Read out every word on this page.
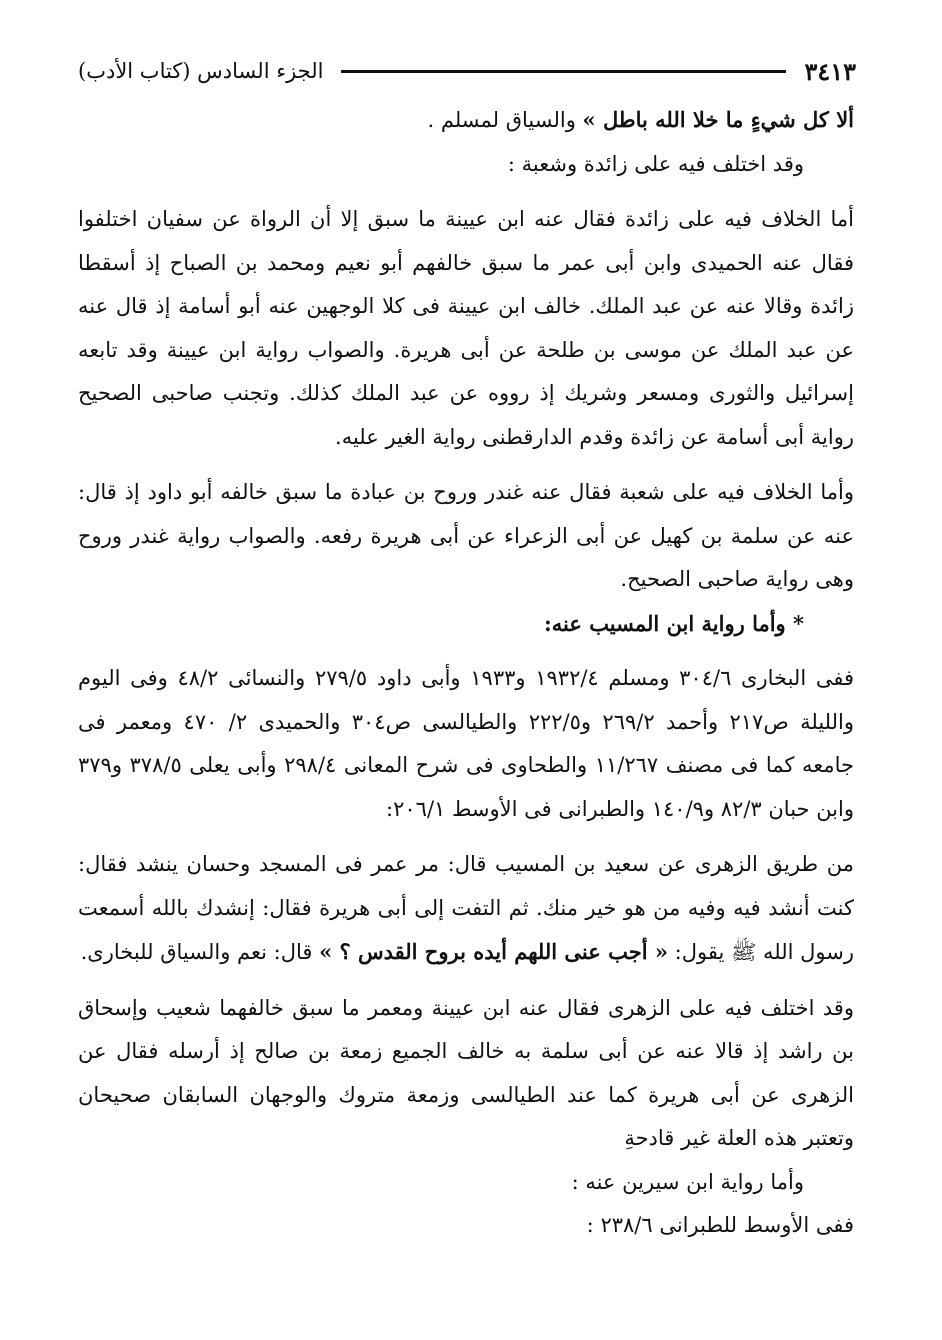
الجزء السادس (كتاب الأدب)	٣٤١٣

ألا كل شيءٍ ما خلا الله باطل » والسياق لمسلم .

وقد اختلف فيه على زائدة وشعبة :

أما الخلاف فيه على زائدة فقال عنه ابن عيينة ما سبق إلا أن الرواة عن سفيان اختلفوا فقال عنه الحميدى وابن أبى عمر ما سبق خالفهم أبو نعيم ومحمد بن الصباح إذ أسقطا زائدة وقالا عنه عن عبد الملك. خالف ابن عيينة فى كلا الوجهين عنه أبو أسامة إذ قال عنه عن عبد الملك عن موسى بن طلحة عن أبى هريرة. والصواب رواية ابن عيينة وقد تابعه إسرائيل والثورى ومسعر وشريك إذ رووه عن عبد الملك كذلك. وتجنب صاحبى الصحيح رواية أبى أسامة عن زائدة وقدم الدارقطنى رواية الغير عليه.

وأما الخلاف فيه على شعبة فقال عنه غندر وروح بن عبادة ما سبق خالفه أبو داود إذ قال: عنه عن سلمة بن كهيل عن أبى الزعراء عن أبى هريرة رفعه. والصواب رواية غندر وروح وهى رواية صاحبى الصحيح.

* وأما رواية ابن المسيب عنه:

ففى البخارى ٣٠٤/٦ ومسلم ١٩٣٢/٤ و١٩٣٣ وأبى داود ٢٧٩/٥ والنسائى ٤٨/٢ وفى اليوم والليلة ص٢١٧ وأحمد ٢٦٩/٢ و٢٢٢/٥ والطيالسى ص٣٠٤ والحميدى ٢/ ٤٧٠ ومعمر فى جامعه كما فى مصنف ١١/٢٦٧ والطحاوى فى شرح المعانى ٢٩٨/٤ وأبى يعلى ٣٧٨/٥ و٣٧٩ وابن حبان ٨٢/٣ و١٤٠/٩ والطبرانى فى الأوسط ٢٠٦/١:

من طريق الزهرى عن سعيد بن المسيب قال: مر عمر فى المسجد وحسان ينشد فقال: كنت أنشد فيه وفيه من هو خير منك. ثم التفت إلى أبى هريرة فقال: إنشدك بالله أسمعت رسول الله ﷺ يقول: « أجب عنى اللهم أيده بروح القدس ؟ » قال: نعم والسياق للبخارى.

وقد اختلف فيه على الزهرى فقال عنه ابن عيينة ومعمر ما سبق خالفهما شعيب وإسحاق بن راشد إذ قالا عنه عن أبى سلمة به خالف الجميع زمعة بن صالح إذ أرسله فقال عن الزهرى عن أبى هريرة كما عند الطيالسى وزمعة متروك والوجهان السابقان صحيحان وتعتبر هذه العلة غير قادحةِ

وأما رواية ابن سيرين عنه :

ففى الأوسط للطبرانى ٢٣٨/٦ :
